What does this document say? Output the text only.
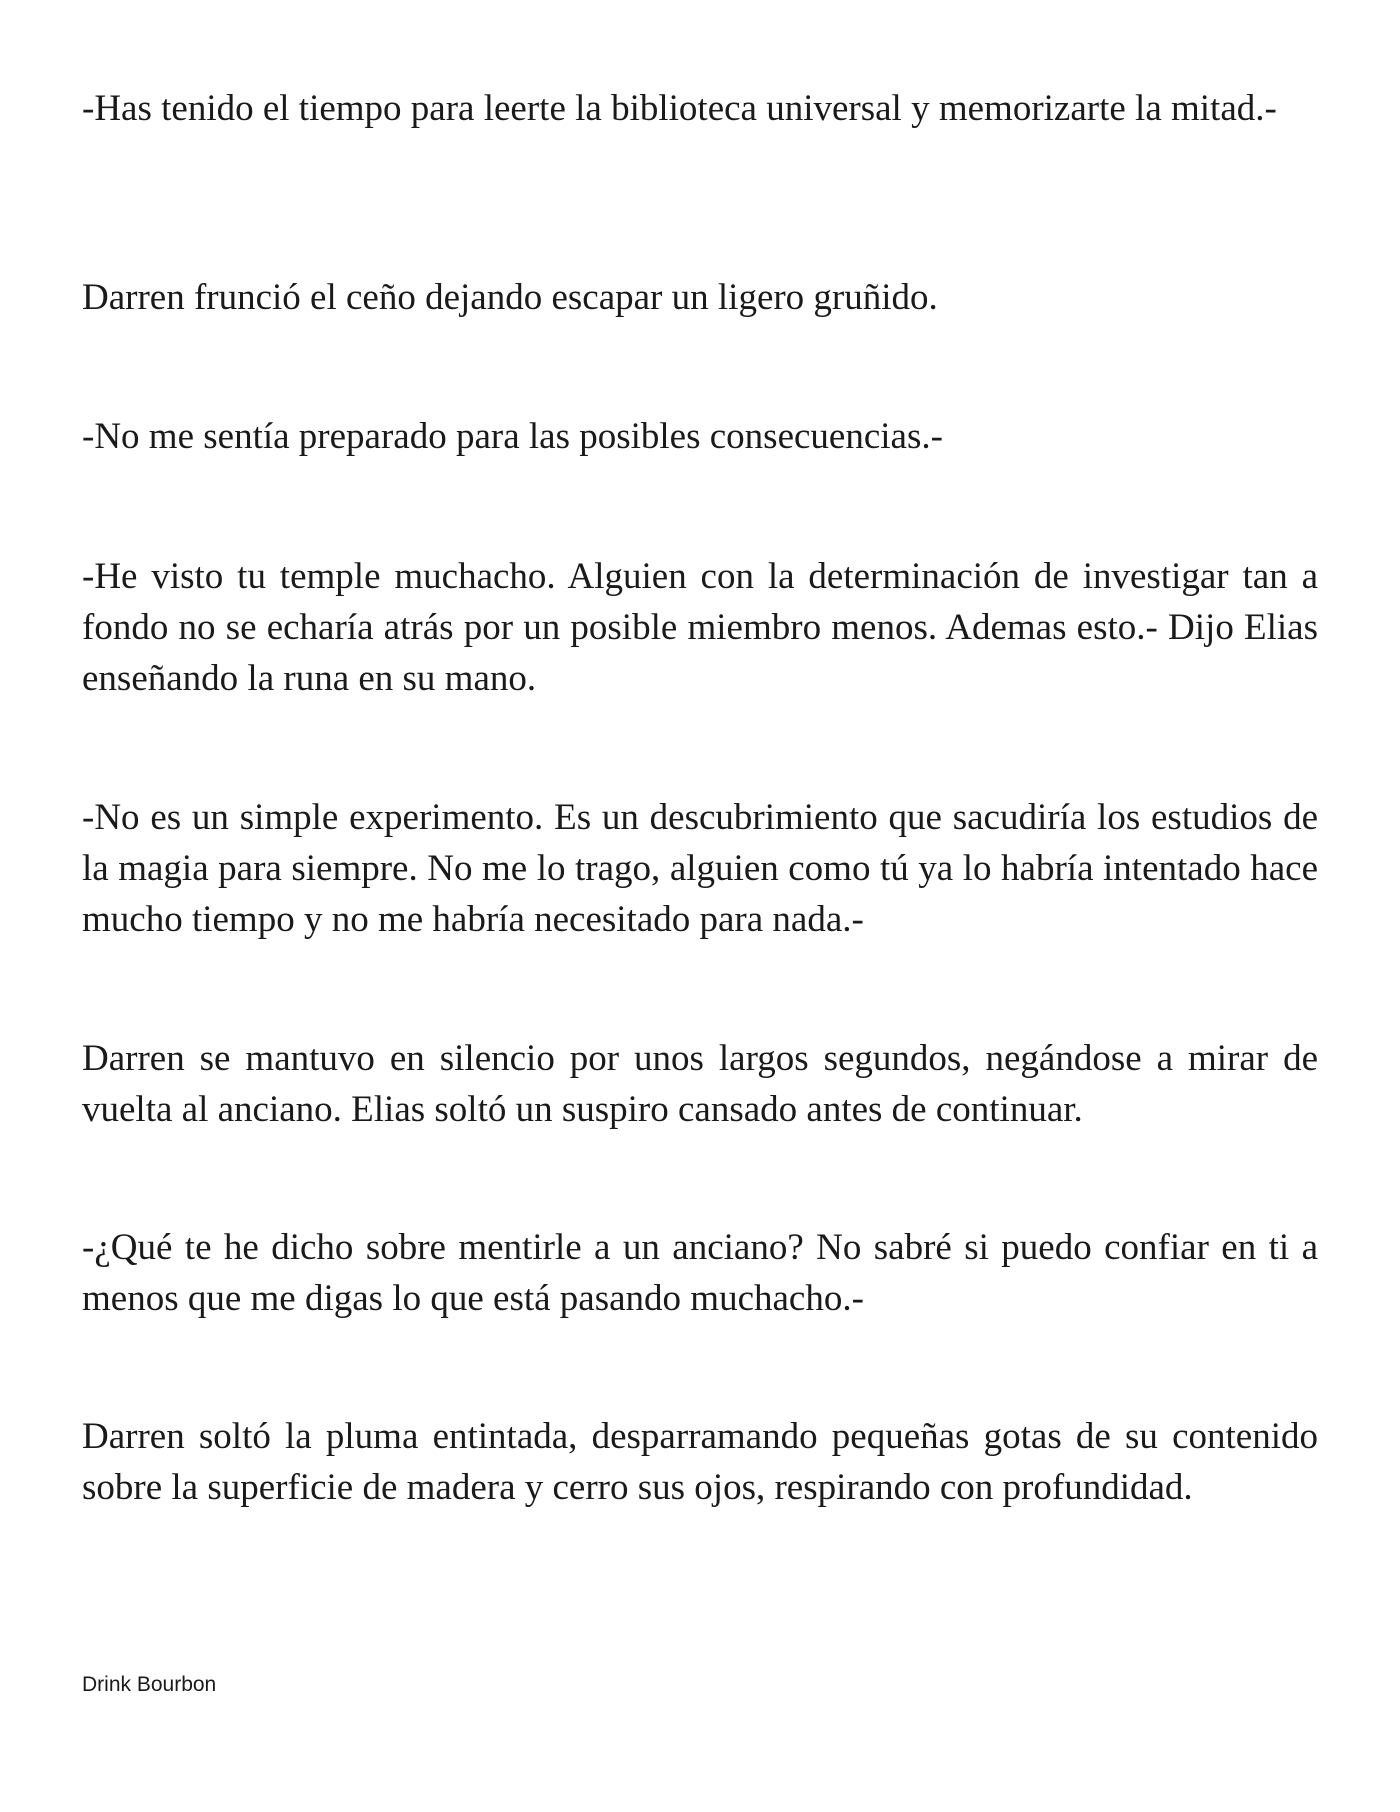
-Has tenido el tiempo para leerte la biblioteca universal y memorizarte la mitad.-

Darren frunció el ceño dejando escapar un ligero gruñido.

-No me sentía preparado para las posibles consecuencias.-

-He visto tu temple muchacho. Alguien con la determinación de investigar tan a fondo no se echaría atrás por un posible miembro menos. Ademas esto.- Dijo Elias enseñando la runa en su mano.

-No es un simple experimento. Es un descubrimiento que sacudiría los estudios de la magia para siempre. No me lo trago, alguien como tú ya lo habría intentado hace mucho tiempo y no me habría necesitado para nada.-

Darren se mantuvo en silencio por unos largos segundos, negándose a mirar de vuelta al anciano. Elias soltó un suspiro cansado antes de continuar.

-¿Qué te he dicho sobre mentirle a un anciano? No sabré si puedo confiar en ti a menos que me digas lo que está pasando muchacho.-

Darren soltó la pluma entintada, desparramando pequeñas gotas de su contenido sobre la superficie de madera y cerro sus ojos, respirando con profundidad.

Drink Bourbon
